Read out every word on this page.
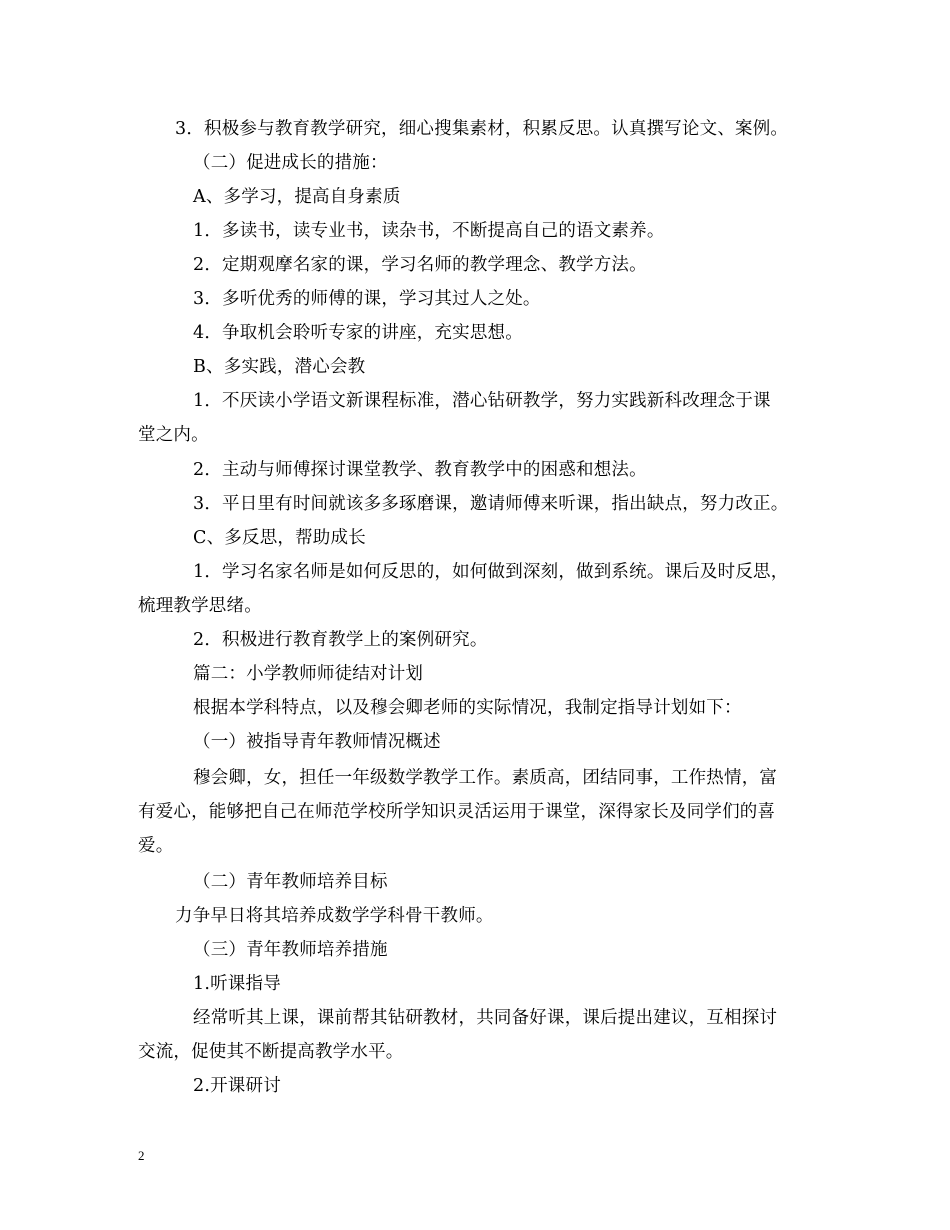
3．积极参与教育教学研究，细心搜集素材，积累反思。认真撰写论文、案例。
（二）促进成长的措施：
A、多学习，提高自身素质
1．多读书，读专业书，读杂书，不断提高自己的语文素养。
2．定期观摩名家的课，学习名师的教学理念、教学方法。
3．多听优秀的师傅的课，学习其过人之处。
4．争取机会聆听专家的讲座，充实思想。
B、多实践，潜心会教
1．不厌读小学语文新课程标准，潜心钻研教学，努力实践新科改理念于课
堂之内。
2．主动与师傅探讨课堂教学、教育教学中的困惑和想法。
3．平日里有时间就该多多琢磨课，邀请师傅来听课，指出缺点，努力改正。
C、多反思，帮助成长
1．学习名家名师是如何反思的，如何做到深刻，做到系统。课后及时反思，
梳理教学思绪。
2．积极进行教育教学上的案例研究。
篇二：小学教师师徒结对计划
根据本学科特点，以及穆会卿老师的实际情况，我制定指导计划如下：
（一）被指导青年教师情况概述
穆会卿，女，担任一年级数学教学工作。素质高，团结同事，工作热情，富
有爱心，能够把自己在师范学校所学知识灵活运用于课堂，深得家长及同学们的喜
爱。
（二）青年教师培养目标
力争早日将其培养成数学学科骨干教师。
（三）青年教师培养措施
1.听课指导
经常听其上课，课前帮其钻研教材，共同备好课，课后提出建议，互相探讨
交流，促使其不断提高教学水平。
2.开课研讨
2
